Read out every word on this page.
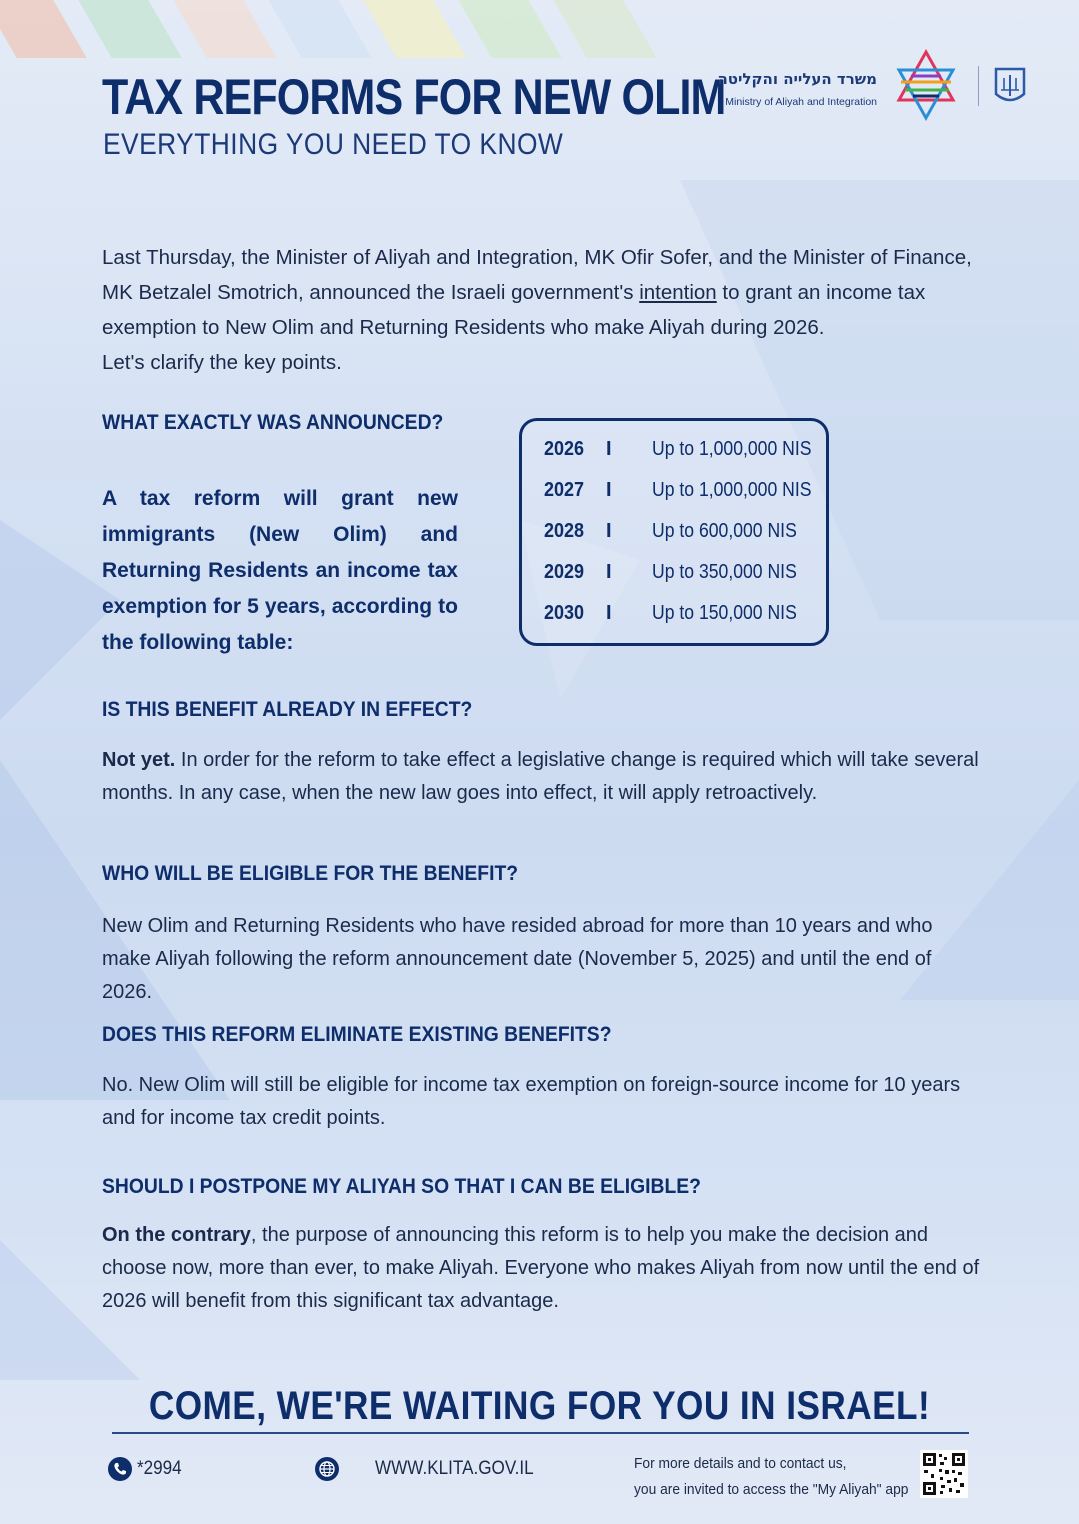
TAX REFORMS FOR NEW OLIM
EVERYTHING YOU NEED TO KNOW
משרד העלייה והקליטה
Ministry of Aliyah and Integration
Last Thursday, the Minister of Aliyah and Integration, MK Ofir Sofer, and the Minister of Finance, MK Betzalel Smotrich, announced the Israeli government's intention to grant an income tax exemption to New Olim and Returning Residents who make Aliyah during 2026.
Let's clarify the key points.
WHAT EXACTLY WAS ANNOUNCED?
A tax reform will grant new immigrants (New Olim) and Returning Residents an income tax exemption for 5 years, according to the following table:
2026 I Up to 1,000,000 NIS
2027 I Up to 1,000,000 NIS
2028 I Up to 600,000 NIS
2029 I Up to 350,000 NIS
2030 I Up to 150,000 NIS
IS THIS BENEFIT ALREADY IN EFFECT?
Not yet. In order for the reform to take effect a legislative change is required which will take several months. In any case, when the new law goes into effect, it will apply retroactively.
WHO WILL BE ELIGIBLE FOR THE BENEFIT?
New Olim and Returning Residents who have resided abroad for more than 10 years and who make Aliyah following the reform announcement date (November 5, 2025) and until the end of 2026.
DOES THIS REFORM ELIMINATE EXISTING BENEFITS?
No. New Olim will still be eligible for income tax exemption on foreign-source income for 10 years and for income tax credit points.
SHOULD I POSTPONE MY ALIYAH SO THAT I CAN BE ELIGIBLE?
On the contrary, the purpose of announcing this reform is to help you make the decision and choose now, more than ever, to make Aliyah. Everyone who makes Aliyah from now until the end of 2026 will benefit from this significant tax advantage.
COME, WE'RE WAITING FOR YOU IN ISRAEL!
*2994	WWW.KLITA.GOV.IL	For more details and to contact us,
you are invited to access the "My Aliyah" app
